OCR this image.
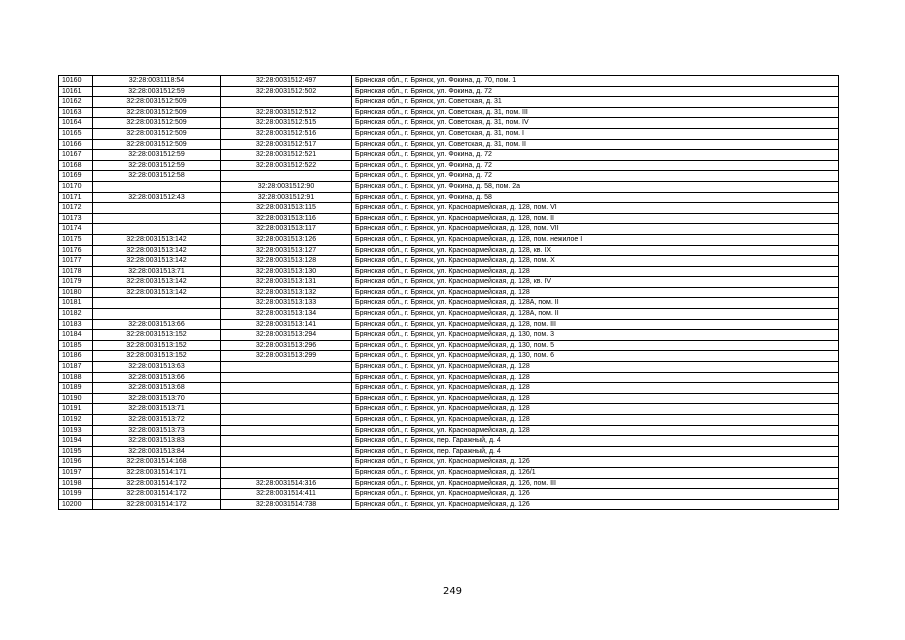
10160	32:28:0031118:54	32:28:0031512:497	Брянская обл., г. Брянск, ул. Фокина, д. 70, пом. 1
10161	32:28:0031512:59	32:28:0031512:502	Брянская обл., г. Брянск, ул. Фокина, д. 72
10162	32:28:0031512:509		Брянская обл., г. Брянск, ул. Советская, д. 31
10163	32:28:0031512:509	32:28:0031512:512	Брянская обл., г. Брянск, ул. Советская, д. 31, пом. III
10164	32:28:0031512:509	32:28:0031512:515	Брянская обл., г. Брянск, ул. Советская, д. 31, пом. IV
10165	32:28:0031512:509	32:28:0031512:516	Брянская обл., г. Брянск, ул. Советская, д. 31, пом. I
10166	32:28:0031512:509	32:28:0031512:517	Брянская обл., г. Брянск, ул. Советская, д. 31, пом. II
10167	32:28:0031512:59	32:28:0031512:521	Брянская обл., г. Брянск, ул. Фокина, д. 72
10168	32:28:0031512:59	32:28:0031512:522	Брянская обл., г. Брянск, ул. Фокина, д. 72
10169	32:28:0031512:58		Брянская обл., г. Брянск, ул. Фокина, д. 72
10170		32:28:0031512:90	Брянская обл., г. Брянск, ул. Фокина, д. 58, пом. 2а
10171	32:28:0031512:43	32:28:0031512:91	Брянская обл., г. Брянск, ул. Фокина, д. 58
10172		32:28:0031513:115	Брянская обл., г. Брянск, ул. Красноармейская, д. 128, пом. VI
10173		32:28:0031513:116	Брянская обл., г. Брянск, ул. Красноармейская, д. 128, пом. II
10174		32:28:0031513:117	Брянская обл., г. Брянск, ул. Красноармейская, д. 128, пом. VII
10175	32:28:0031513:142	32:28:0031513:126	Брянская обл., г. Брянск, ул. Красноармейская, д. 128, пом. нежилое I
10176	32:28:0031513:142	32:28:0031513:127	Брянская обл., г. Брянск, ул. Красноармейская, д. 128, кв. IX
10177	32:28:0031513:142	32:28:0031513:128	Брянская обл., г. Брянск, ул. Красноармейская, д. 128, пом. X
10178	32:28:0031513:71	32:28:0031513:130	Брянская обл., г. Брянск, ул. Красноармейская, д. 128
10179	32:28:0031513:142	32:28:0031513:131	Брянская обл., г. Брянск, ул. Красноармейская, д. 128, кв. IV
10180	32:28:0031513:142	32:28:0031513:132	Брянская обл., г. Брянск, ул. Красноармейская, д. 128
10181		32:28:0031513:133	Брянская обл., г. Брянск, ул. Красноармейская, д. 128А, пом. II
10182		32:28:0031513:134	Брянская обл., г. Брянск, ул. Красноармейская, д. 128А, пом. II
10183	32:28:0031513:66	32:28:0031513:141	Брянская обл., г. Брянск, ул. Красноармейская, д. 128, пом. III
10184	32:28:0031513:152	32:28:0031513:294	Брянская обл., г. Брянск, ул. Красноармейская, д. 130, пом. 3
10185	32:28:0031513:152	32:28:0031513:296	Брянская обл., г. Брянск, ул. Красноармейская, д. 130, пом. 5
10186	32:28:0031513:152	32:28:0031513:299	Брянская обл., г. Брянск, ул. Красноармейская, д. 130, пом. 6
10187	32:28:0031513:63		Брянская обл., г. Брянск, ул. Красноармейская, д. 128
10188	32:28:0031513:66		Брянская обл., г. Брянск, ул. Красноармейская, д. 128
10189	32:28:0031513:68		Брянская обл., г. Брянск, ул. Красноармейская, д. 128
10190	32:28:0031513:70		Брянская обл., г. Брянск, ул. Красноармейская, д. 128
10191	32:28:0031513:71		Брянская обл., г. Брянск, ул. Красноармейская, д. 128
10192	32:28:0031513:72		Брянская обл., г. Брянск, ул. Красноармейская, д. 128
10193	32:28:0031513:73		Брянская обл., г. Брянск, ул. Красноармейская, д. 128
10194	32:28:0031513:83		Брянская обл., г. Брянск, пер. Гаражный, д. 4
10195	32:28:0031513:84		Брянская обл., г. Брянск, пер. Гаражный, д. 4
10196	32:28:0031514:168		Брянская обл., г. Брянск, ул. Красноармейская, д. 126
10197	32:28:0031514:171		Брянская обл., г. Брянск, ул. Красноармейская, д. 126/1
10198	32:28:0031514:172	32:28:0031514:316	Брянская обл., г. Брянск, ул. Красноармейская, д. 126, пом. III
10199	32:28:0031514:172	32:28:0031514:411	Брянская обл., г. Брянск, ул. Красноармейская, д. 126
10200	32:28:0031514:172	32:28:0031514:738	Брянская обл., г. Брянск, ул. Красноармейская, д. 126
249
